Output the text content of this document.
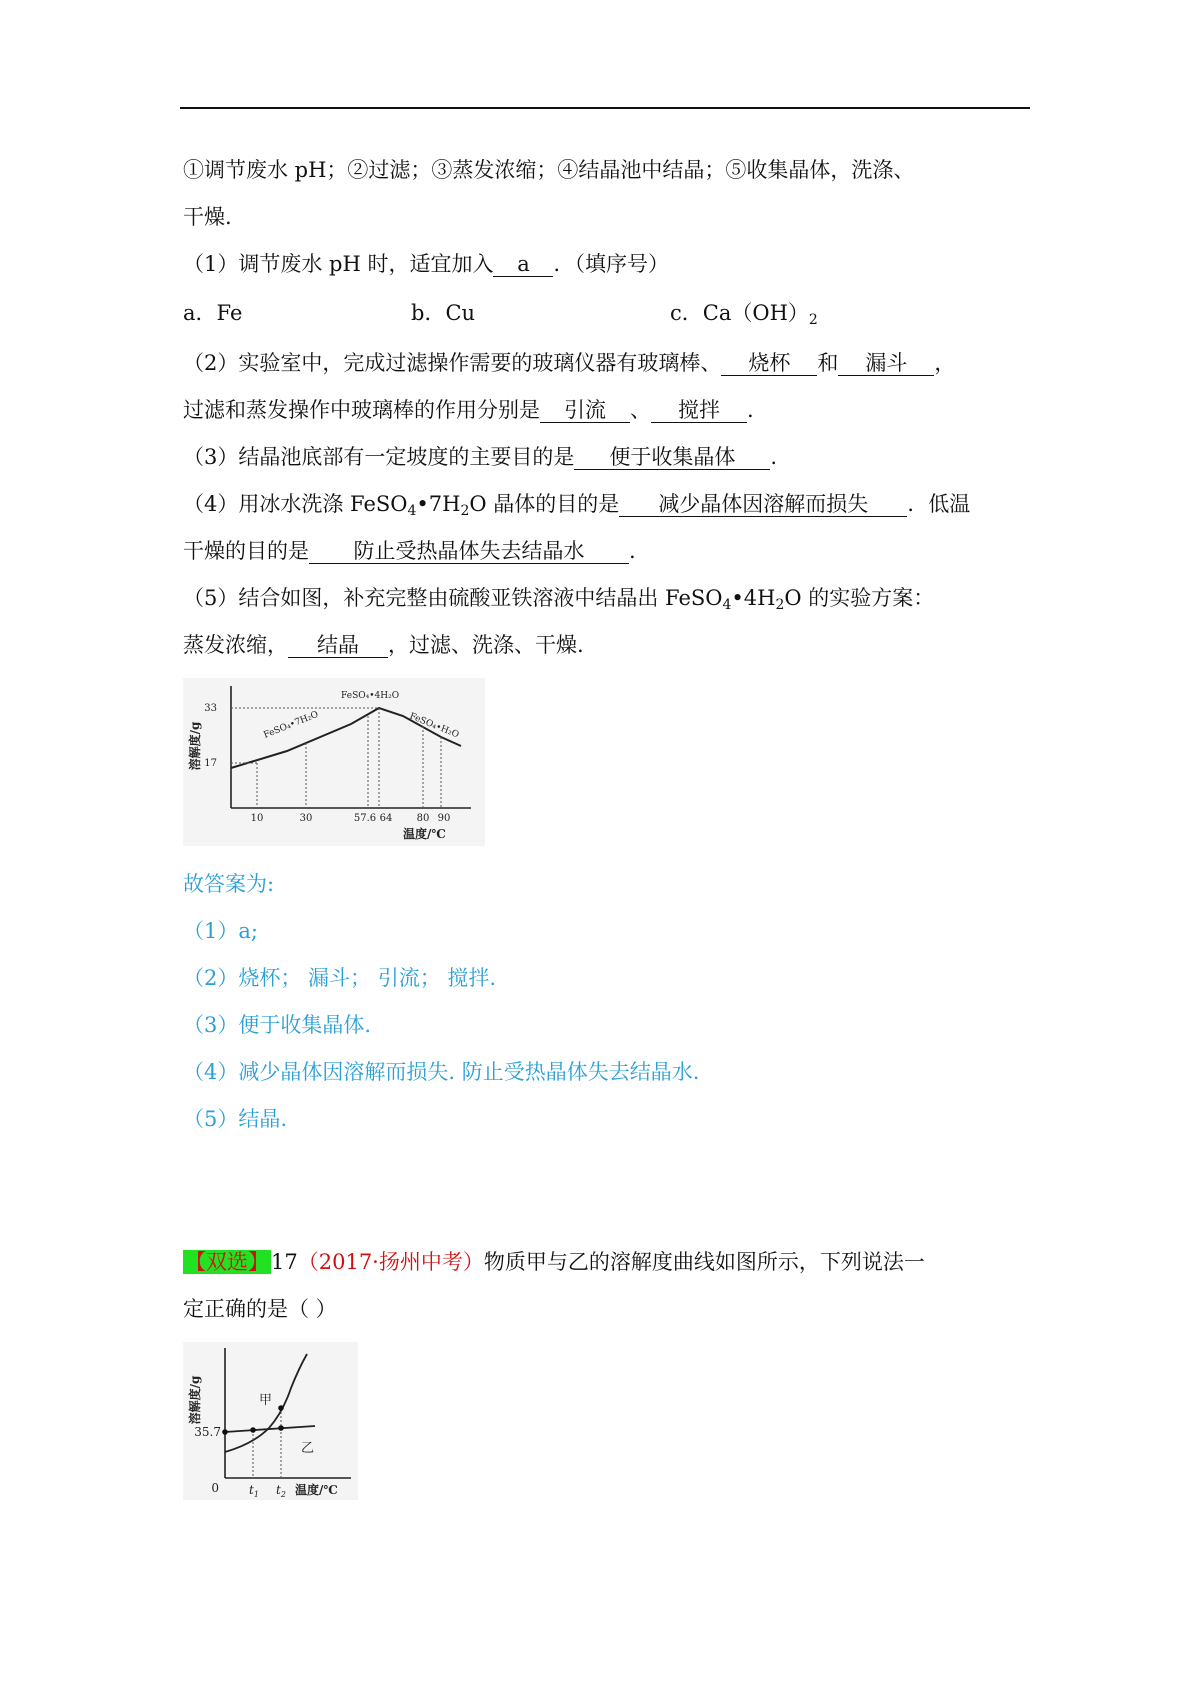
①调节废水 pH；②过滤；③蒸发浓缩；④结晶池中结晶；⑤收集晶体，洗涤、
干燥.
（1）调节废水 pH 时，适宜加入 a ．（填序号）
a．Fe	b．Cu	c．$Ca(OH)_2$
（2）实验室中，完成过滤操作需要的玻璃仪器有玻璃棒、 烧杯 和 漏斗 ，
过滤和蒸发操作中玻璃棒的作用分别是 引流 、 搅拌 .
（3）结晶池底部有一定坡度的主要目的是 便于收集晶体 .
（4）用冰水洗涤 $FeSO_4•7H_2O$ 晶体的目的是 减少晶体因溶解而损失 ．低温
干燥的目的是 防止受热晶体失去结晶水 .
（5）结合如图，补充完整由硫酸亚铁溶液中结晶出 $FeSO_4•4H_2O$ 的实验方案：
蒸发浓缩， 结晶 ，过滤、洗涤、干燥.
33
17
10	30	57.6 64 80 90
FeSO₄•4H₂O
FeSO₄•7H₂O	FeSO₄•H₂O
温度/℃
溶解度/g
故答案为:
（1）a;
（2）烧杯； 漏斗； 引流； 搅拌.
（3）便于收集晶体.
（4）减少晶体因溶解而损失. 防止受热晶体失去结晶水.
（5）结晶.
【双选】17（2017·扬州中考）物质甲与乙的溶解度曲线如图所示，下列说法一
定正确的是（ ）
35.7
0	$t_1$ $t_2$ 温度/℃
溶解度/g	甲
乙
